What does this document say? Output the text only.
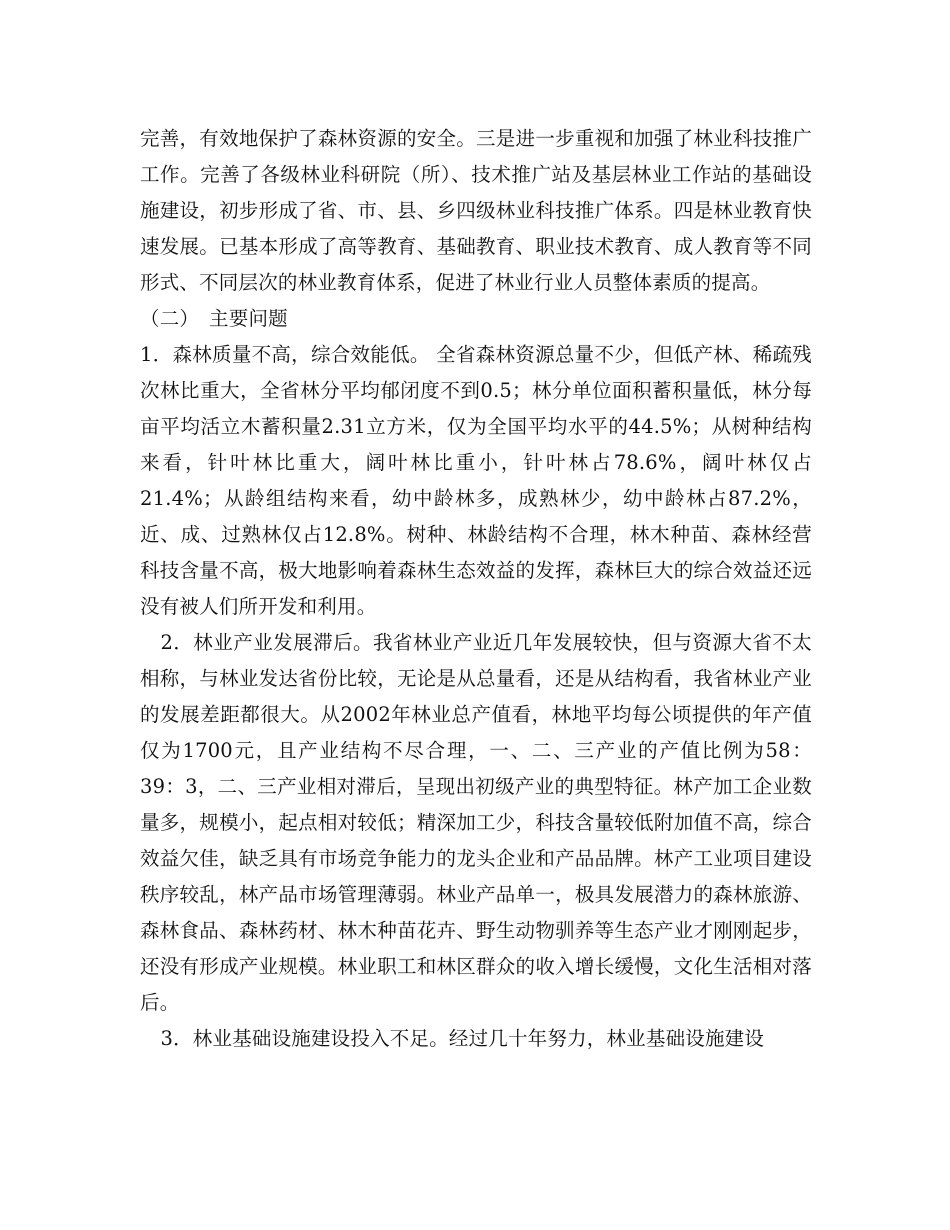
完善，有效地保护了森林资源的安全。三是进一步重视和加强了林业科技推广工作。完善了各级林业科研院（所）、技术推广站及基层林业工作站的基础设施建设，初步形成了省、市、县、乡四级林业科技推广体系。四是林业教育快速发展。已基本形成了高等教育、基础教育、职业技术教育、成人教育等不同形式、不同层次的林业教育体系，促进了林业行业人员整体素质的提高。

（二）　主要问题

1．森林质量不高，综合效能低。 全省森林资源总量不少，但低产林、稀疏残次林比重大，全省林分平均郁闭度不到0.5；林分单位面积蓄积量低，林分每亩平均活立木蓄积量2.31立方米，仅为全国平均水平的44.5%；从树种结构来看，针叶林比重大，阔叶林比重小，针叶林占78.6%，阔叶林仅占21.4%；从龄组结构来看，幼中龄林多，成熟林少，幼中龄林占87.2%，近、成、过熟林仅占12.8%。树种、林龄结构不合理，林木种苗、森林经营科技含量不高，极大地影响着森林生态效益的发挥，森林巨大的综合效益还远没有被人们所开发和利用。

2．林业产业发展滞后。我省林业产业近几年发展较快，但与资源大省不太相称，与林业发达省份比较，无论是从总量看，还是从结构看，我省林业产业的发展差距都很大。从2002年林业总产值看，林地平均每公顷提供的年产值仅为1700元，且产业结构不尽合理，一、二、三产业的产值比例为58：39：3，二、三产业相对滞后，呈现出初级产业的典型特征。林产加工企业数量多，规模小，起点相对较低；精深加工少，科技含量较低附加值不高，综合效益欠佳，缺乏具有市场竞争能力的龙头企业和产品品牌。林产工业项目建设秩序较乱，林产品市场管理薄弱。林业产品单一，极具发展潜力的森林旅游、森林食品、森林药材、林木种苗花卉、野生动物驯养等生态产业才刚刚起步，还没有形成产业规模。林业职工和林区群众的收入增长缓慢，文化生活相对落后。

3．林业基础设施建设投入不足。经过几十年努力，林业基础设施建设
